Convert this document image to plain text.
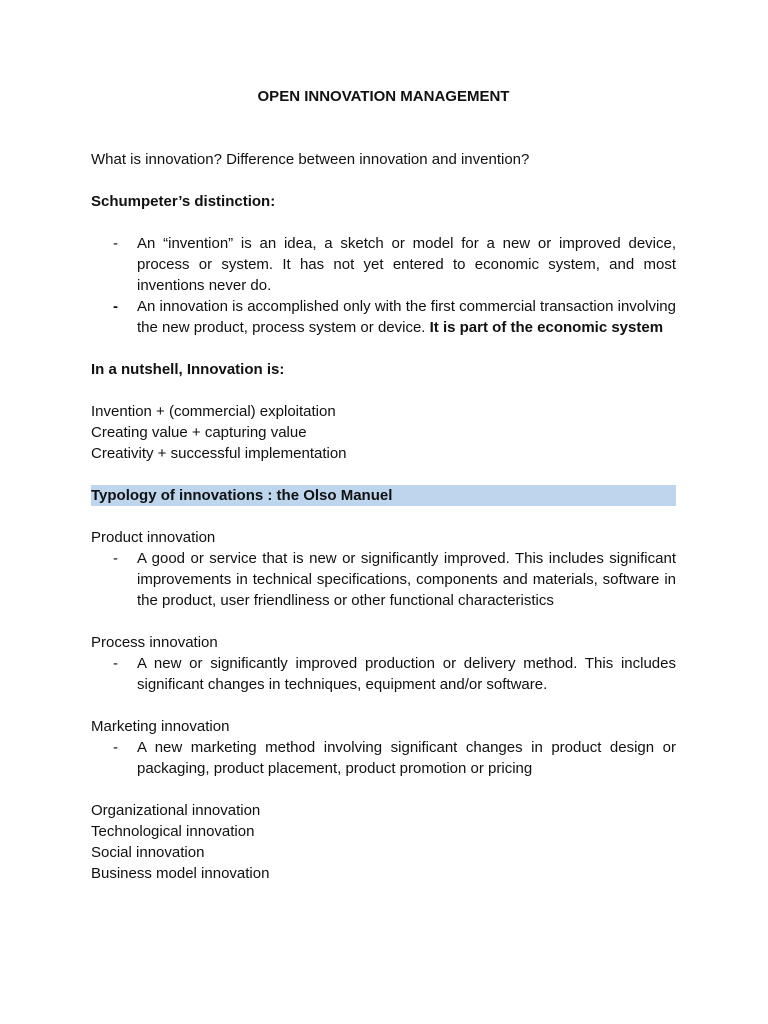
OPEN INNOVATION MANAGEMENT

What is innovation? Difference between innovation and invention?

Schumpeter’s distinction:

- An “invention” is an idea, a sketch or model for a new or improved device, process or system. It has not yet entered to economic system, and most inventions never do.

- An innovation is accomplished only with the first commercial transaction involving the new product, process system or device. It is part of the economic system

In a nutshell, Innovation is:

Invention + (commercial) exploitation

Creating value + capturing value

Creativity + successful implementation

Typology of innovations : the Olso Manuel

Product innovation

- A good or service that is new or significantly improved. This includes significant improvements in technical specifications, components and materials, software in the product, user friendliness or other functional characteristics

Process innovation

- A new or significantly improved production or delivery method. This includes significant changes in techniques, equipment and/or software.

Marketing innovation

- A new marketing method involving significant changes in product design or packaging, product placement, product promotion or pricing

Organizational innovation

Technological innovation

Social innovation

Business model innovation
